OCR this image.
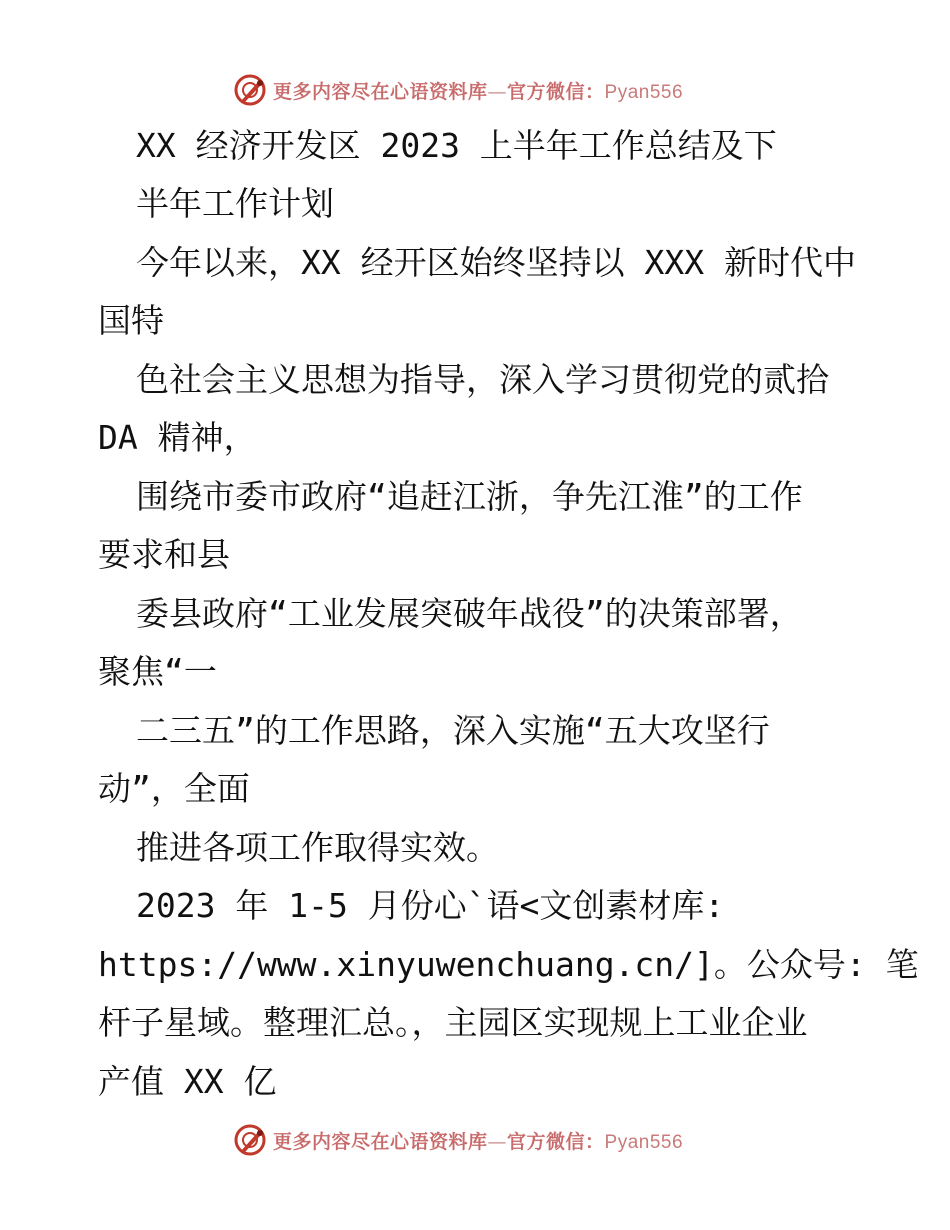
更多内容尽在心语资料库—官方微信：Pyan556
XX 经济开发区 2023 上半年工作总结及下
半年工作计划
今年以来，XX 经开区始终坚持以 XXX 新时代中
国特
色社会主义思想为指导，深入学习贯彻党的贰拾
DA 精神，
围绕市委市政府“追赶江浙，争先江淮”的工作
要求和县
委县政府“工业发展突破年战役”的决策部署，
聚焦“一
二三五”的工作思路，深入实施“五大攻坚行
动”，全面
推进各项工作取得实效。
2023 年 1-5 月份心`语<文创素材库:
https://www.xinyuwenchuang.cn/]。公众号: 笔
杆子星域。整理汇总。，主园区实现规上工业企业
产值 XX 亿
更多内容尽在心语资料库—官方微信：Pyan556
